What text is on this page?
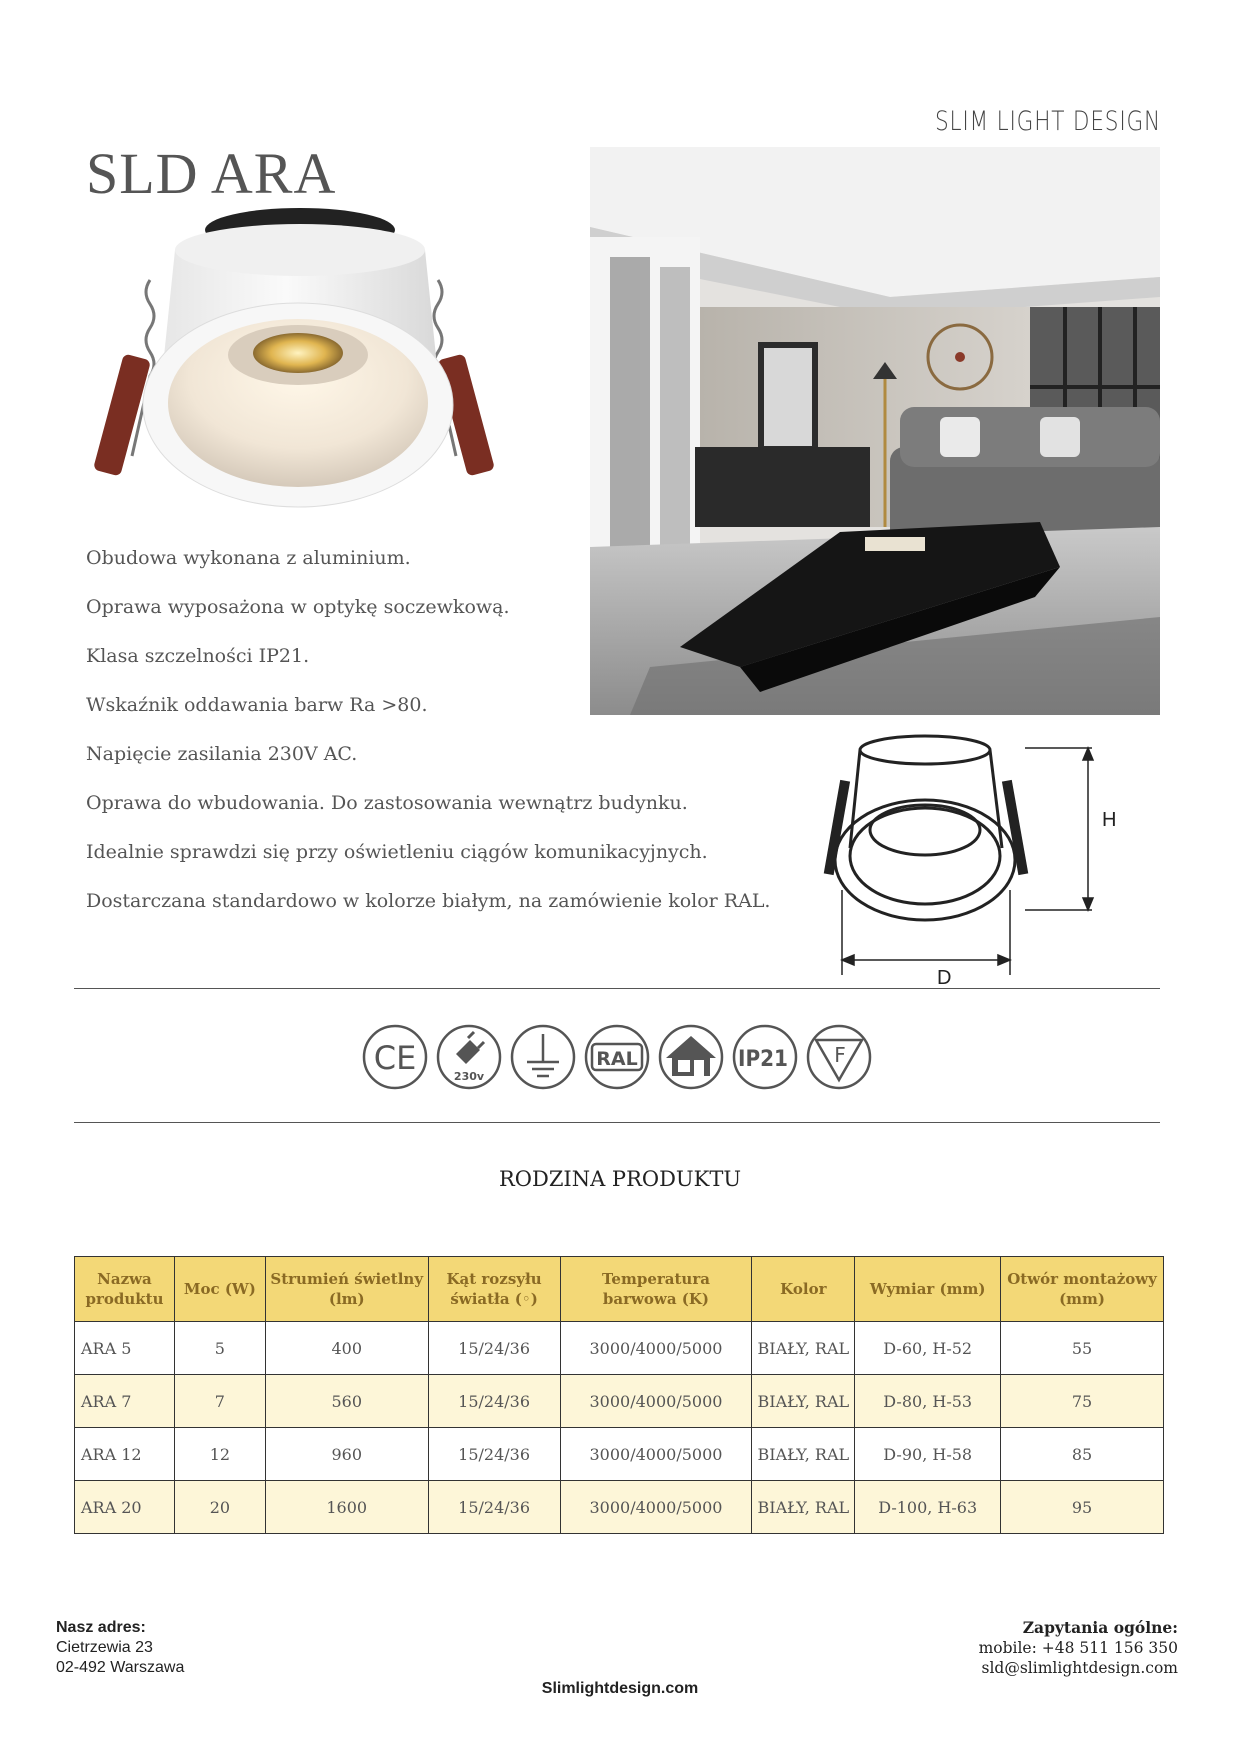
SLIM LIGHT DESIGN
SLD ARA
H
D
Obudowa wykonana z aluminium.
Oprawa wyposażona w optykę soczewkową.
Klasa szczelności IP21.
Wskaźnik oddawania barw Ra >80.
Napięcie zasilania 230V AC.
Oprawa do wbudowania. Do zastosowania wewnątrz budynku.
Idealnie sprawdzi się przy oświetleniu ciągów komunikacyjnych.
Dostarczana standardowo w kolorze białym, na zamówienie kolor RAL.
CE	230v
RAL	IP21 F
RODZINA PRODUKTU
Nazwa produktu	Moc (W)	Strumień świetlny (lm)	Kąt rozsyłu światła (◦)	Temperatura barwowa (K)	Kolor	Wymiar (mm)	Otwór montażowy (mm)
ARA 5	5	400	15/24/36	3000/4000/5000	BIAŁY, RAL	D-60, H-52	55
ARA 7	7	560	15/24/36	3000/4000/5000	BIAŁY, RAL	D-80, H-53	75
ARA 12	12	960	15/24/36	3000/4000/5000	BIAŁY, RAL	D-90, H-58	85
ARA 20	20	1600	15/24/36	3000/4000/5000	BIAŁY, RAL	D-100, H-63	95
Nasz adres:
Cietrzewia 23
02-492 Warszawa
Zapytania ogólne:
mobile: +48 511 156 350
sld@slimlightdesign.com
Slimlightdesign.com
